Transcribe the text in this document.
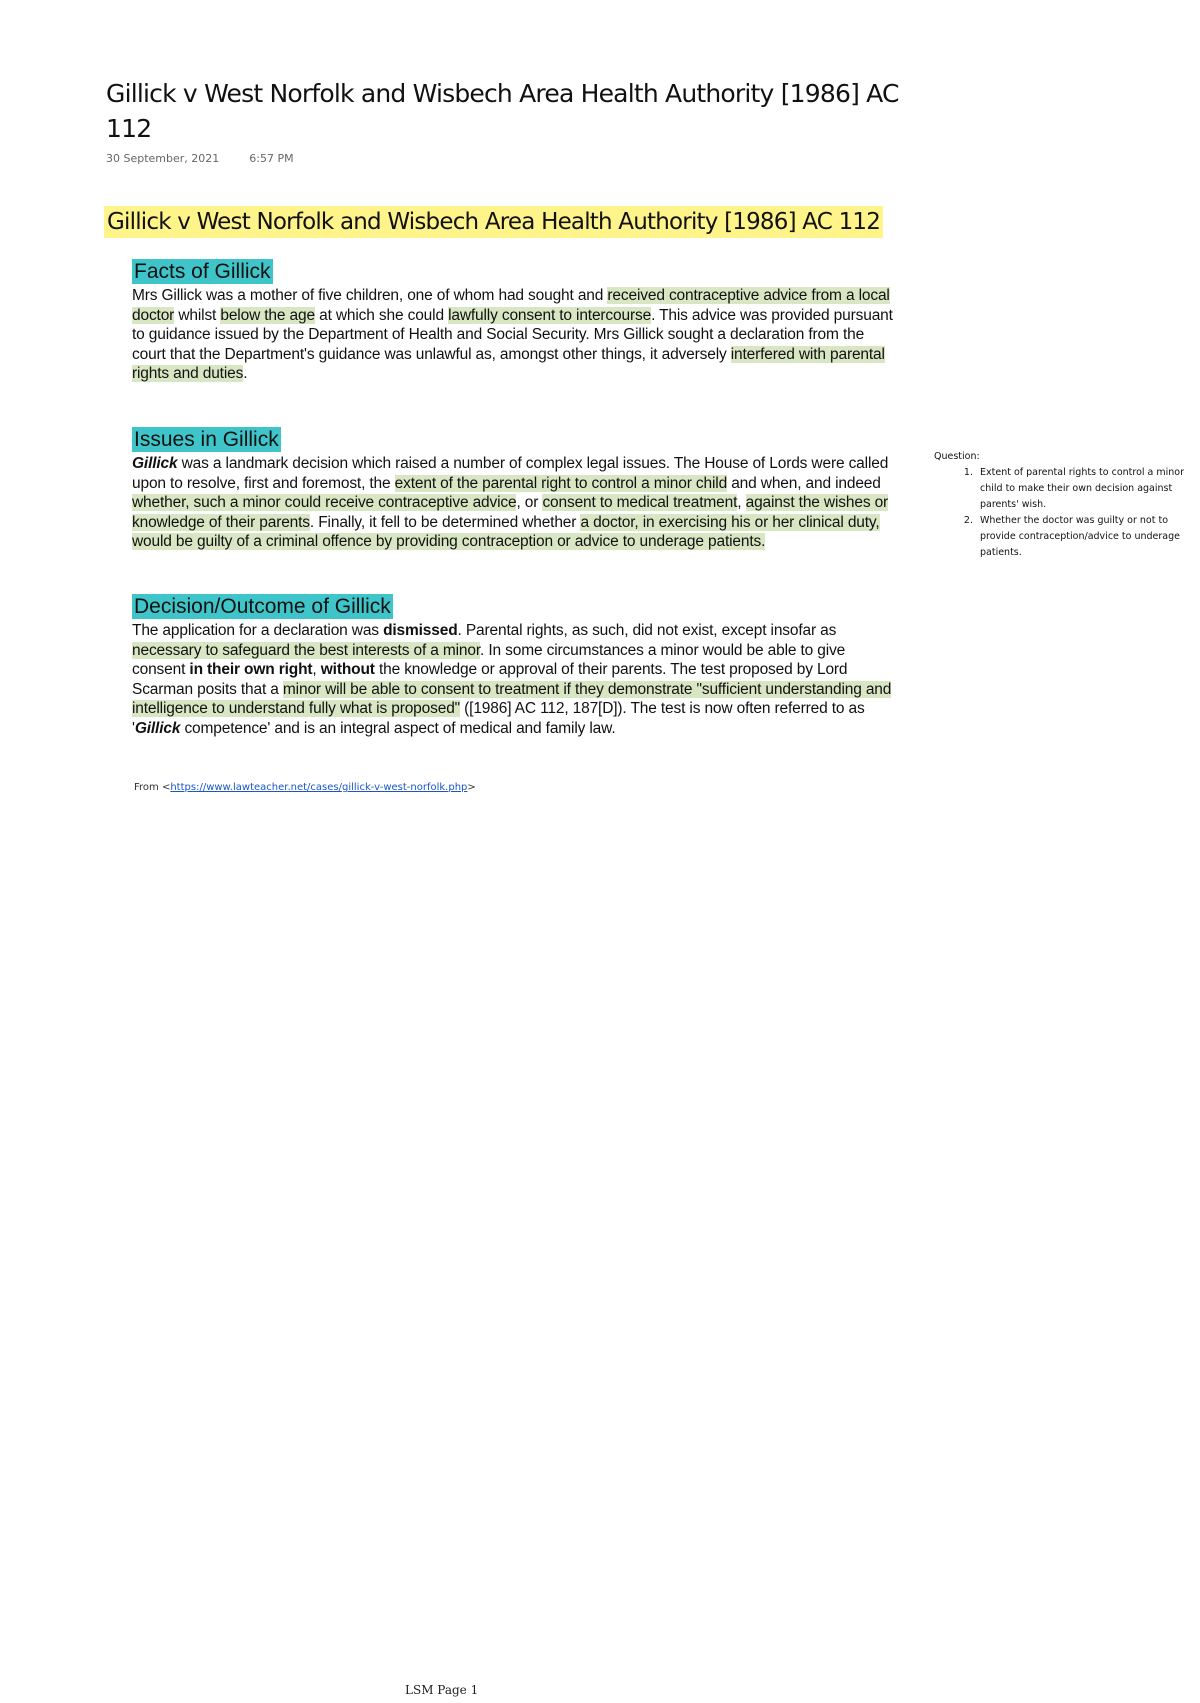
Gillick v West Norfolk and Wisbech Area Health Authority [1986] AC 112
30 September, 2021	6:57 PM
Gillick v West Norfolk and Wisbech Area Health Authority [1986] AC 112
Facts of Gillick

Mrs Gillick was a mother of five children, one of whom had sought and received contraceptive advice from a local doctor whilst below the age at which she could lawfully consent to intercourse. This advice was provided pursuant to guidance issued by the Department of Health and Social Security. Mrs Gillick sought a declaration from the court that the Department's guidance was unlawful as, amongst other things, it adversely interfered with parental rights and duties.

Issues in Gillick

Gillick was a landmark decision which raised a number of complex legal issues. The House of Lords were called upon to resolve, first and foremost, the extent of the parental right to control a minor child and when, and indeed whether, such a minor could receive contraceptive advice, or consent to medical treatment, against the wishes or knowledge of their parents. Finally, it fell to be determined whether a doctor, in exercising his or her clinical duty, would be guilty of a criminal offence by providing contraception or advice to underage patients.

Decision/Outcome of Gillick

The application for a declaration was dismissed. Parental rights, as such, did not exist, except insofar as necessary to safeguard the best interests of a minor. In some circumstances a minor would be able to give consent in their own right, without the knowledge or approval of their parents. The test proposed by Lord Scarman posits that a minor will be able to consent to treatment if they demonstrate "sufficient understanding and intelligence to understand fully what is proposed" ([1986] AC 112, 187[D]). The test is now often referred to as 'Gillick competence' and is an integral aspect of medical and family law.

From <https://www.lawteacher.net/cases/gillick-v-west-norfolk.php>
Question:
1. Extent of parental rights to control a minor child to make their own decision against parents' wish.
2. Whether the doctor was guilty or not to provide contraception/advice to underage patients.
LSM Page 1
